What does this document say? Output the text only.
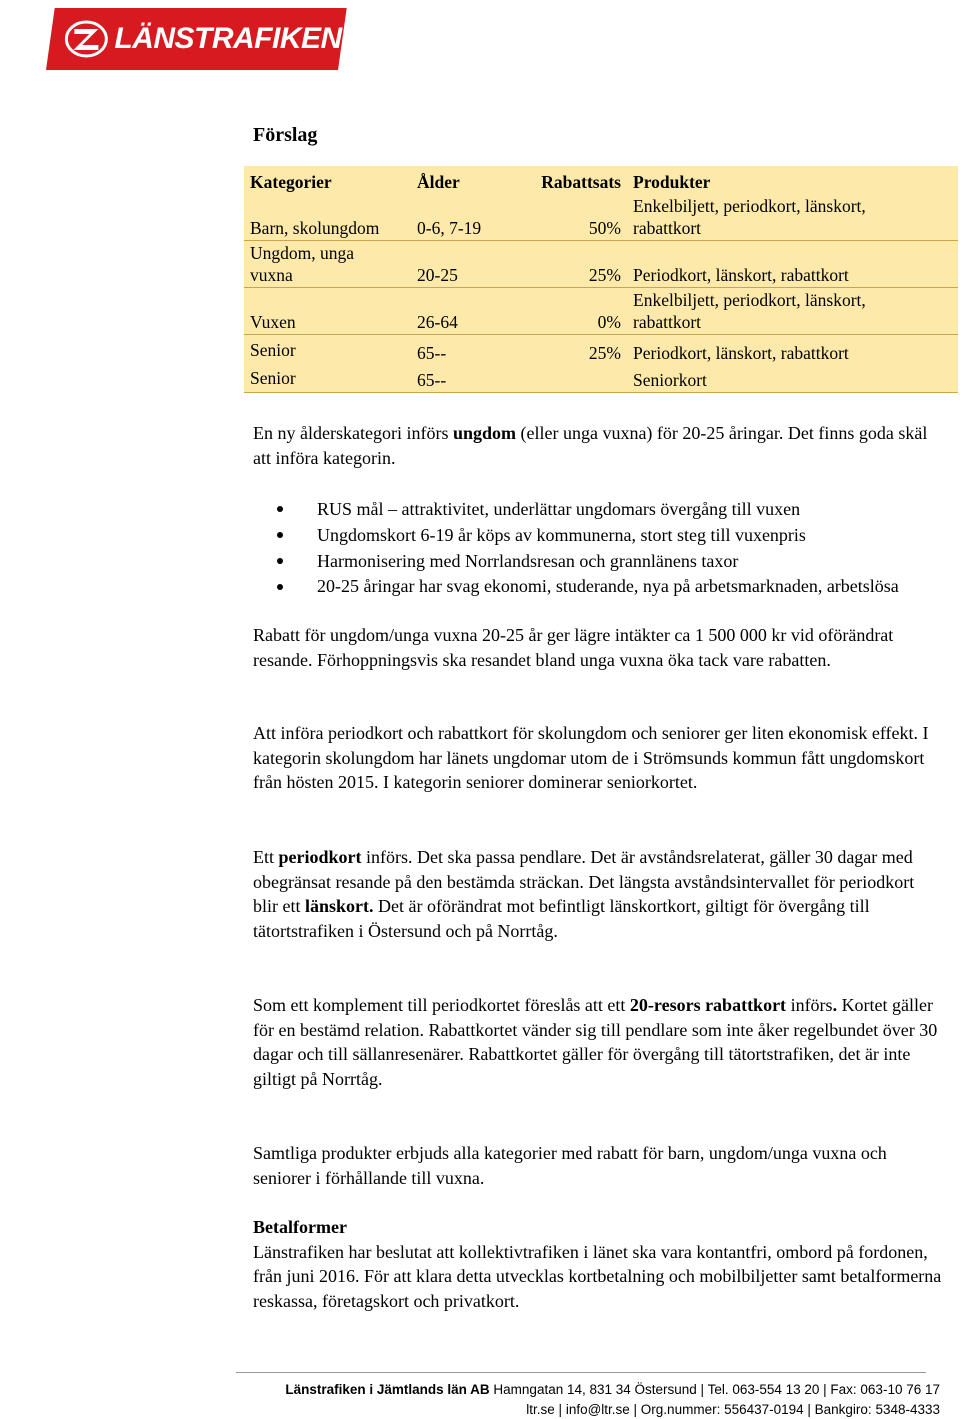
LÄNSTRAFIKEN
Förslag
Kategorier	Ålder	Rabattsats	Produkter
Barn, skolungdom	0-6, 7-19	50%	Enkelbiljett, periodkort, länskort, rabattkort
Ungdom, unga vuxna	20-25	25%	Periodkort, länskort, rabattkort
Vuxen	26-64	0%	Enkelbiljett, periodkort, länskort, rabattkort
Senior	65--	25%	Periodkort, länskort, rabattkort
Senior	65--		Seniorkort

En ny ålderskategori införs ungdom (eller unga vuxna) för 20-25 åringar. Det finns goda skäl att införa kategorin.

RUS mål – attraktivitet, underlättar ungdomars övergång till vuxen
Ungdomskort 6-19 år köps av kommunerna, stort steg till vuxenpris
Harmonisering med Norrlandsresan och grannlänens taxor
20-25 åringar har svag ekonomi, studerande, nya på arbetsmarknaden, arbetslösa

Rabatt för ungdom/unga vuxna 20-25 år ger lägre intäkter ca 1 500 000 kr vid oförändrat resande. Förhoppningsvis ska resandet bland unga vuxna öka tack vare rabatten.

Att införa periodkort och rabattkort för skolungdom och seniorer ger liten ekonomisk effekt. I kategorin skolungdom har länets ungdomar utom de i Strömsunds kommun fått ungdomskort från hösten 2015. I kategorin seniorer dominerar seniorkortet.

Ett periodkort införs. Det ska passa pendlare. Det är avståndsrelaterat, gäller 30 dagar med obegränsat resande på den bestämda sträckan. Det längsta avståndsintervallet för periodkort blir ett länskort. Det är oförändrat mot befintligt länskortkort, giltigt för övergång till tätortstrafiken i Östersund och på Norrtåg.

Som ett komplement till periodkortet föreslås att ett 20-resors rabattkort införs. Kortet gäller för en bestämd relation. Rabattkortet vänder sig till pendlare som inte åker regelbundet över 30 dagar och till sällanresenärer. Rabattkortet gäller för övergång till tätortstrafiken, det är inte giltigt på Norrtåg.

Samtliga produkter erbjuds alla kategorier med rabatt för barn, ungdom/unga vuxna och seniorer i förhållande till vuxna.

Betalformer
Länstrafiken har beslutat att kollektivtrafiken i länet ska vara kontantfri, ombord på fordonen, från juni 2016. För att klara detta utvecklas kortbetalning och mobilbiljetter samt betalformerna reskassa, företagskort och privatkort.

Länstrafiken i Jämtlands län AB Hamngatan 14, 831 34 Östersund | Tel. 063-554 13 20 | Fax: 063-10 76 17
ltr.se | info@ltr.se | Org.nummer: 556437-0194 | Bankgiro: 5348-4333
